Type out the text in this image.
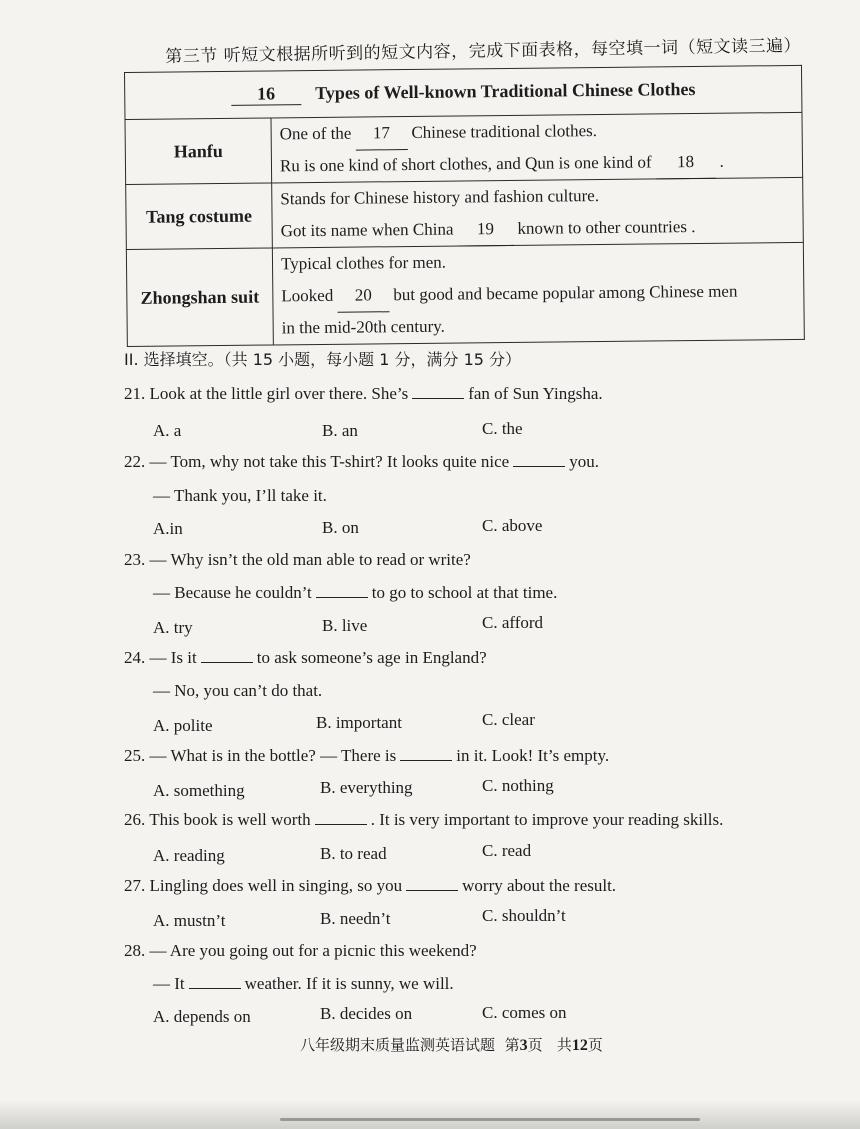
第三节 听短文根据所听到的短文内容，完成下面表格，每空填一词（短文读三遍）
16 Types of Well-known Traditional Chinese Clothes	
Hanfu	One of the 17 Chinese traditional clothes.
Ru is one kind of short clothes, and Qun is one kind of 18 .

Tang costume	Stands for Chinese history and fashion culture.
Got its name when China 19 known to other countries .

Zhongshan suit	Typical clothes for men.
Looked 20 but good and became popular among Chinese men
in the mid-20th century.
II. 选择填空。（共 15 小题，每小题 1 分，满分 15 分）
21. Look at the little girl over there. She’s	fan of Sun Yingsha.
A. a	B. an	C. the
22. — Tom, why not take this T-shirt? It looks quite nice	you.
— Thank you, I’ll take it.
A.in	B. on	C. above
23. — Why isn’t the old man able to read or write?
— Because he couldn’t	to go to school at that time.
A. try	B. live	C. afford
24. — Is it	to ask someone’s age in England?
— No, you can’t do that.
A. polite	B. important	C. clear
25. — What is in the bottle? — There is	in it. Look! It’s empty.
A. something	B. everything	C. nothing
26. This book is well worth	. It is very important to improve your reading skills.
A. reading	B. to read	C. read
27. Lingling does well in singing, so you	worry about the result.
A. mustn’t	B. needn’t	C. shouldn’t
28. — Are you going out for a picnic this weekend?
— It	weather. If it is sunny, we will.
A. depends on	B. decides on	C. comes on
八年级期末质量监测英语试题 第3页 共12页
